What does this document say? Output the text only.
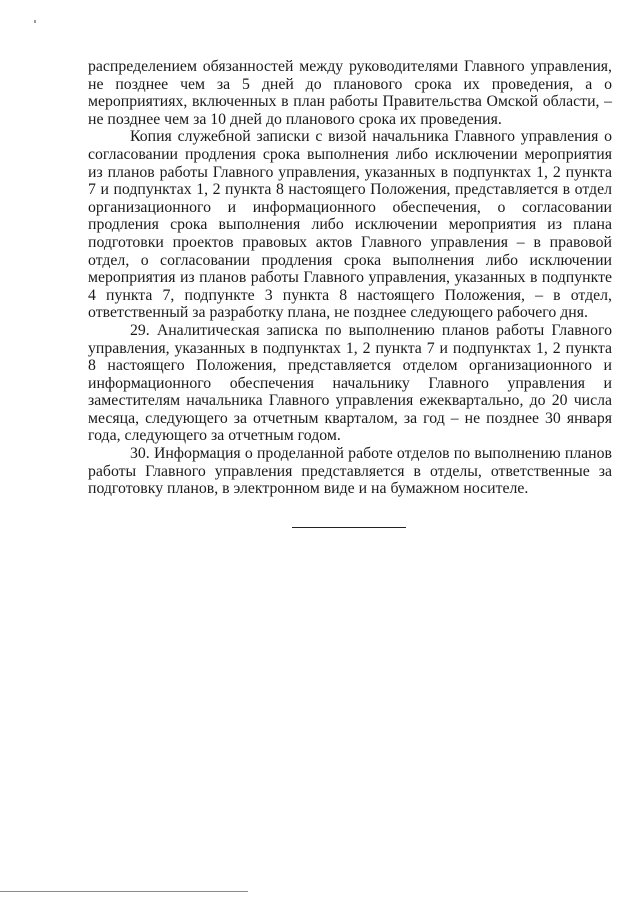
распределением обязанностей между руководителями Главного управления, не позднее чем за 5 дней до планового срока их проведения, а о мероприятиях, включенных в план работы Правительства Омской области, – не позднее чем за 10 дней до планового срока их проведения.

Копия служебной записки с визой начальника Главного управления о согласовании продления срока выполнения либо исключении мероприятия из планов работы Главного управления, указанных в подпунктах 1, 2 пункта 7 и подпунктах 1, 2 пункта 8 настоящего Положения, представляется в отдел организационного и информационного обеспечения, о согласовании продления срока выполнения либо исключении мероприятия из плана подготовки проектов правовых актов Главного управления – в правовой отдел, о согласовании продления срока выполнения либо исключении мероприятия из планов работы Главного управления, указанных в подпункте 4 пункта 7, подпункте 3 пункта 8 настоящего Положения, – в отдел, ответственный за разработку плана, не позднее следующего рабочего дня.

29. Аналитическая записка по выполнению планов работы Главного управления, указанных в подпунктах 1, 2 пункта 7 и подпунктах 1, 2 пункта 8 настоящего Положения, представляется отделом организационного и информационного обеспечения начальнику Главного управления и заместителям начальника Главного управления ежеквартально, до 20 числа месяца, следующего за отчетным кварталом, за год – не позднее 30 января года, следующего за отчетным годом.

30. Информация о проделанной работе отделов по выполнению планов работы Главного управления представляется в отделы, ответственные за подготовку планов, в электронном виде и на бумажном носителе.
